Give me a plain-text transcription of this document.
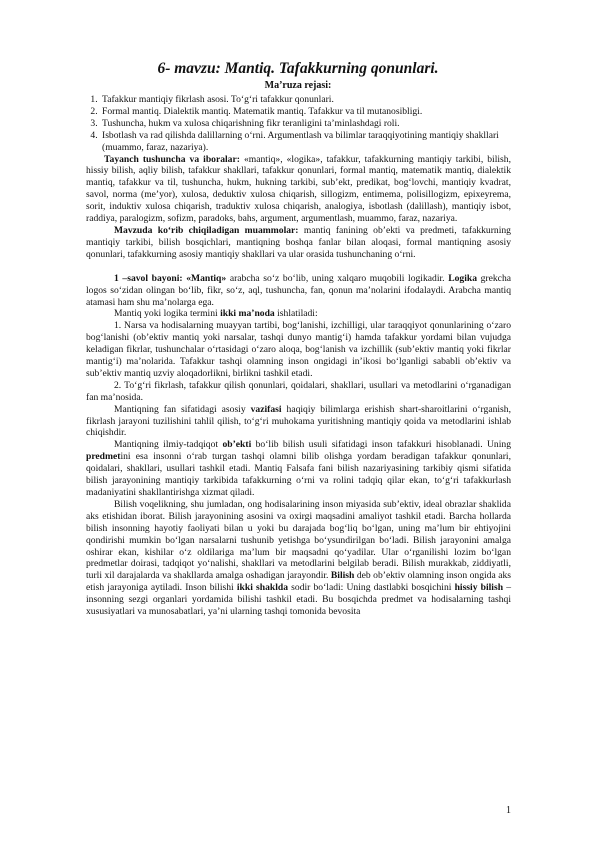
6- mavzu: Mantiq. Tafakkurning qonunlari.
Ma’ruza rejasi:
1. Tafakkur mantiqiy fikrlash asosi. To‘g‘ri tafakkur qonunlari.
2. Formal mantiq. Dialektik mantiq. Matematik mantiq. Tafakkur va til mutanosibligi.
3. Tushuncha, hukm va xulosa chiqarishning fikr teranligini ta’minlashdagi roli.
4. Isbotlash va rad qilishda dalillarning o‘rni. Argumentlash va bilimlar taraqqiyotining mantiqiy shakllari (muammo, faraz, nazariya).

Tayanch tushuncha va iboralar: «mantiq», «logika», tafakkur, tafakkurning mantiqiy tarkibi, bilish, hissiy bilish, aqliy bilish, tafakkur shakllari, tafakkur qonunlari, formal mantiq, matematik mantiq, dialektik mantiq, tafakkur va til, tushuncha, hukm, hukning tarkibi, sub’ekt, predikat, bog‘lovchi, mantiqiy kvadrat, savol, norma (me’yor), xulosa, deduktiv xulosa chiqarish, sillogizm, entimema, polisillogizm, epixeyrema, sorit, induktiv xulosa chiqarish, traduktiv xulosa chiqarish, analogiya, isbotlash (dalillash), mantiqiy isbot, raddiya, paralogizm, sofizm, paradoks, bahs, argument, argumentlash, muammo, faraz, nazariya.

Mavzuda ko‘rib chiqiladigan muammolar: mantiq fanining ob’ekti va predmeti, tafakkurning mantiqiy tarkibi, bilish bosqichlari, mantiqning boshqa fanlar bilan aloqasi, formal mantiqning asosiy qonunlari, tafakkurning asosiy mantiqiy shakllari va ular orasida tushunchaning o‘rni.

1 –savol bayoni: «Mantiq» arabcha so‘z bo‘lib, uning xalqaro muqobili logikadir. Logika grekcha logos so‘zidan olingan bo‘lib, fikr, so‘z, aql, tushuncha, fan, qonun ma’nolarini ifodalaydi. Arabcha mantiq atamasi ham shu ma’nolarga ega.

Mantiq yoki logika termini ikki ma’noda ishlatiladi:

1. Narsa va hodisalarning muayyan tartibi, bog‘lanishi, izchilligi, ular taraqqiyot qonunlarining o‘zaro bog‘lanishi (ob’ektiv mantiq yoki narsalar, tashqi dunyo mantig‘i) hamda tafakkur yordami bilan vujudga keladigan fikrlar, tushunchalar o‘rtasidagi o‘zaro aloqa, bog‘lanish va izchillik (sub’ektiv mantiq yoki fikrlar mantig‘i) ma’nolarida. Tafakkur tashqi olamning inson ongidagi in’ikosi bo‘lganligi sababli ob’ektiv va sub’ektiv mantiq uzviy aloqadorlikni, birlikni tashkil etadi.

2. To‘g‘ri fikrlash, tafakkur qilish qonunlari, qoidalari, shakllari, usullari va metodlarini o‘rganadigan fan ma’nosida.

Mantiqning fan sifatidagi asosiy vazifasi haqiqiy bilimlarga erishish shart-sharoitlarini o‘rganish, fikrlash jarayoni tuzilishini tahlil qilish, to‘g‘ri muhokama yuritishning mantiqiy qoida va metodlarini ishlab chiqishdir.

Mantiqning ilmiy-tadqiqot ob’ekti bo‘lib bilish usuli sifatidagi inson tafakkuri hisoblanadi. Uning predmetini esa insonni o‘rab turgan tashqi olamni bilib olishga yordam beradigan tafakkur qonunlari, qoidalari, shakllari, usullari tashkil etadi. Mantiq Falsafa fani bilish nazariyasining tarkibiy qismi sifatida bilish jarayonining mantiqiy tarkibida tafakkurning o‘rni va rolini tadqiq qilar ekan, to‘g‘ri tafakkurlash madaniyatini shakllantirishga xizmat qiladi.

Bilish voqelikning, shu jumladan, ong hodisalarining inson miyasida sub’ektiv, ideal obrazlar shaklida aks etishidan iborat. Bilish jarayonining asosini va oxirgi maqsadini amaliyot tashkil etadi. Barcha hollarda bilish insonning hayotiy faoliyati bilan u yoki bu darajada bog‘liq bo‘lgan, uning ma’lum bir ehtiyojini qondirishi mumkin bo‘lgan narsalarni tushunib yetishga bo‘ysundirilgan bo‘ladi. Bilish jarayonini amalga oshirar ekan, kishilar o‘z oldilariga ma’lum bir maqsadni qo‘yadilar. Ular o‘rganilishi lozim bo‘lgan predmetlar doirasi, tadqiqot yo‘nalishi, shakllari va metodlarini belgilab beradi. Bilish murakkab, ziddiyatli, turli xil darajalarda va shakllarda amalga oshadigan jarayondir. Bilish deb ob’ektiv olamning inson ongida aks etish jarayoniga aytiladi. Inson bilishi ikki shaklda sodir bo‘ladi: Uning dastlabki bosqichini hissiy bilish – insonning sezgi organlari yordamida bilishi tashkil etadi. Bu bosqichda predmet va hodisalarning tashqi xususiyatlari va munosabatlari, ya’ni ularning tashqi tomonida bevosita

1
